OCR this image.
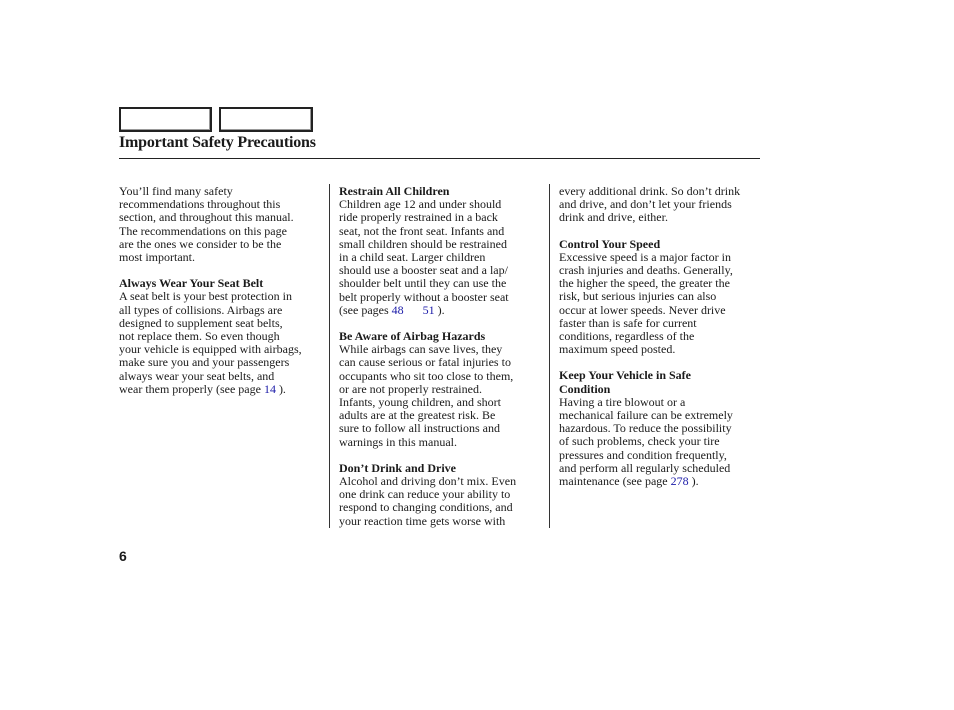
Important Safety Precautions

You’ll find many safety
recommendations throughout this
section, and throughout this manual.
The recommendations on this page
are the ones we consider to be the
most important.

Always Wear Your Seat Belt

A seat belt is your best protection in
all types of collisions. Airbags are
designed to supplement seat belts,
not replace them. So even though
your vehicle is equipped with airbags,
make sure you and your passengers
always wear your seat belts, and
wear them properly (see page 14 ).

Restrain All Children

Children age 12 and under should
ride properly restrained in a back
seat, not the front seat. Infants and
small children should be restrained
in a child seat. Larger children
should use a booster seat and a lap/
shoulder belt until they can use the
belt properly without a booster seat
(see pages 48 51 ).

Be Aware of Airbag Hazards

While airbags can save lives, they
can cause serious or fatal injuries to
occupants who sit too close to them,
or are not properly restrained.
Infants, young children, and short
adults are at the greatest risk. Be
sure to follow all instructions and
warnings in this manual.

Don’t Drink and Drive

Alcohol and driving don’t mix. Even
one drink can reduce your ability to
respond to changing conditions, and
your reaction time gets worse with

every additional drink. So don’t drink
and drive, and don’t let your friends
drink and drive, either.

Control Your Speed

Excessive speed is a major factor in
crash injuries and deaths. Generally,
the higher the speed, the greater the
risk, but serious injuries can also
occur at lower speeds. Never drive
faster than is safe for current
conditions, regardless of the
maximum speed posted.

Keep Your Vehicle in Safe
Condition

Having a tire blowout or a
mechanical failure can be extremely
hazardous. To reduce the possibility
of such problems, check your tire
pressures and condition frequently,
and perform all regularly scheduled
maintenance (see page 278 ).

6
